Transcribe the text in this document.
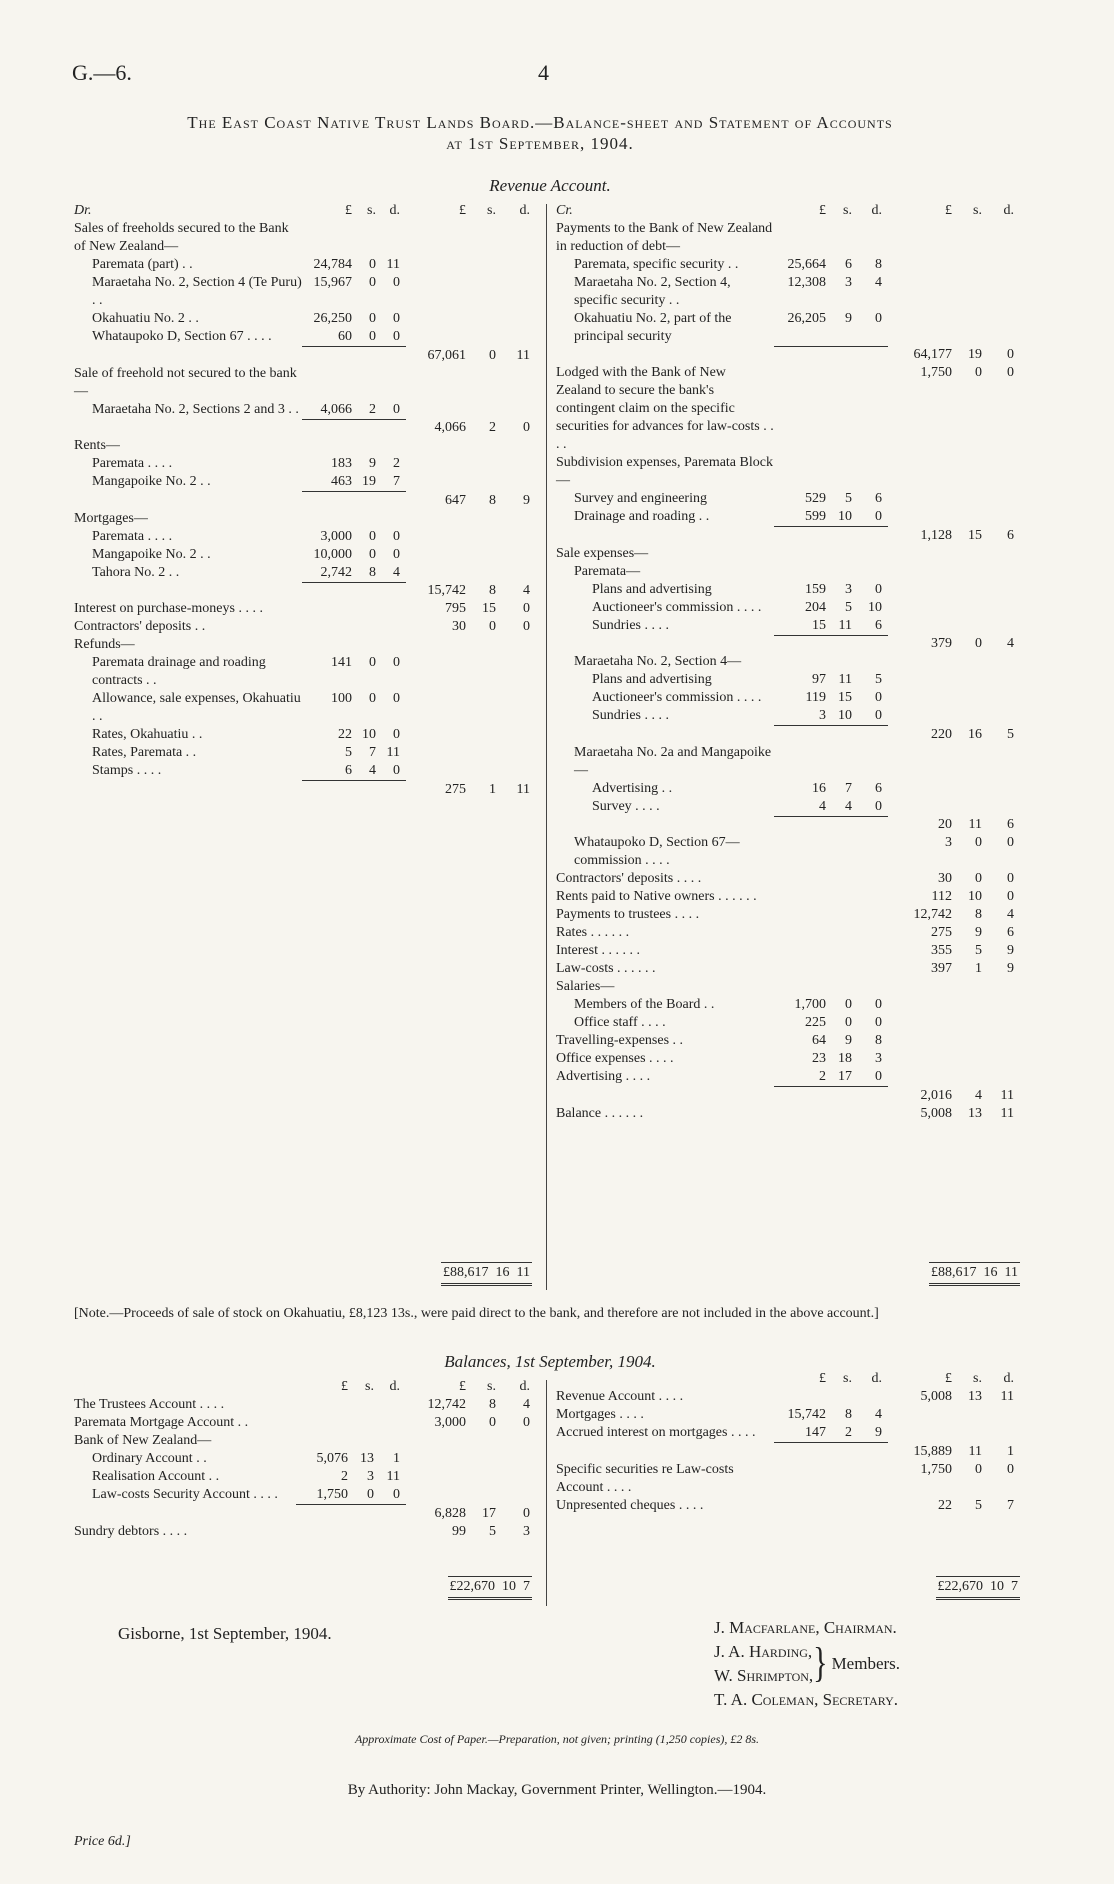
G.—6.	4
The East Coast Native Trust Lands Board.—Balance-sheet and Statement of Accounts
at 1st September, 1904.
Revenue Account.
Dr.	£	s.	d.	£	s.	d.
Sales of freeholds secured to the Bank of New Zealand—						
Paremata (part) . .	24,784	0	11			
Maraetaha No. 2, Section 4 (Te Puru) . .	15,967	0	0			
Okahuatiu No. 2 . .	26,250	0	0			
Whataupoko D, Section 67 . . . .	60	0	0			
				67,061	0	11
Sale of freehold not secured to the bank—						
Maraetaha No. 2, Sections 2 and 3 . .	4,066	2	0			
				4,066	2	0
Rents—						
Paremata . . . .	183	9	2			
Mangapoike No. 2 . .	463	19	7			
				647	8	9
Mortgages—						
Paremata . . . .	3,000	0	0			
Mangapoike No. 2 . .	10,000	0	0			
Tahora No. 2 . .	2,742	8	4			
				15,742	8	4
Interest on purchase-moneys . . . .				795	15	0
Contractors' deposits . .				30	0	0
Refunds—						
Paremata drainage and roading contracts . .	141	0	0			
Allowance, sale expenses, Okahuatiu . .	100	0	0			
Rates, Okahuatiu . .	22	10	0			
Rates, Paremata . .	5	7	11			
Stamps . . . .	6	4	0			
				275	1	11
Cr.	£	s.	d.	£	s.	d.
Payments to the Bank of New Zealand in reduction of debt—						
Paremata, specific security . .	25,664	6	8			
Maraetaha No. 2, Section 4, specific security . .	12,308	3	4			
Okahuatiu No. 2, part of the principal security	26,205	9	0			
				64,177	19	0
Lodged with the Bank of New Zealand to secure the bank's contingent claim on the specific securities for advances for law-costs . . . .				1,750	0	0
Subdivision expenses, Paremata Block—						
Survey and engineering	529	5	6			
Drainage and roading . .	599	10	0			
				1,128	15	6
Sale expenses—						
Paremata—						
Plans and advertising	159	3	0			
Auctioneer's commission . . . .	204	5	10			
Sundries . . . .	15	11	6			
				379	0	4
Maraetaha No. 2, Section 4—						
Plans and advertising	97	11	5			
Auctioneer's commission . . . .	119	15	0			
Sundries . . . .	3	10	0			
				220	16	5
Maraetaha No. 2a and Mangapoike—						
Advertising . .	16	7	6			
Survey . . . .	4	4	0			
				20	11	6
Whataupoko D, Section 67—commission . . . .				3	0	0
Contractors' deposits . . . .				30	0	0
Rents paid to Native owners . . . . . .				112	10	0
Payments to trustees . . . .				12,742	8	4
Rates . . . . . .				275	9	6
Interest . . . . . .				355	5	9
Law-costs . . . . . .				397	1	9
Salaries—						
Members of the Board . .	1,700	0	0			
Office staff . . . .	225	0	0			
Travelling-expenses . .	64	9	8			
Office expenses . . . .	23	18	3			
Advertising . . . .	2	17	0			
				2,016	4	11
Balance . . . . . .				5,008	13	11
£88,617 16 11	£88,617 16 11
[Note.—Proceeds of sale of stock on Okahuatiu, £8,123 13s., were paid direct to the bank, and therefore are not included in the above account.]
Balances, 1st September, 1904.
	£	s.	d.	£	s.	d.
The Trustees Account . . . .				12,742	8	4
Paremata Mortgage Account . .				3,000	0	0
Bank of New Zealand—						
Ordinary Account . .	5,076	13	1			
Realisation Account . .	2	3	11			
Law-costs Security Account . . . .	1,750	0	0			
				6,828	17	0
Sundry debtors . . . .				99	5	3
	£	s.	d.	£	s.	d.
Revenue Account . . . .				5,008	13	11
Mortgages . . . .	15,742	8	4			
Accrued interest on mortgages . . . .	147	2	9			
				15,889	11	1
Specific securities re Law-costs Account . . . .				1,750	0	0
Unpresented cheques . . . .				22	5	7
£22,670 10 7	£22,670 10 7
Gisborne, 1st September, 1904.	J. Macfarlane, Chairman.
J. A. Harding,
W. Shrimpton, } Members.
T. A. Coleman, Secretary.
Approximate Cost of Paper.—Preparation, not given; printing (1,250 copies), £2 8s.
By Authority: John Mackay, Government Printer, Wellington.—1904.
Price 6d.]
